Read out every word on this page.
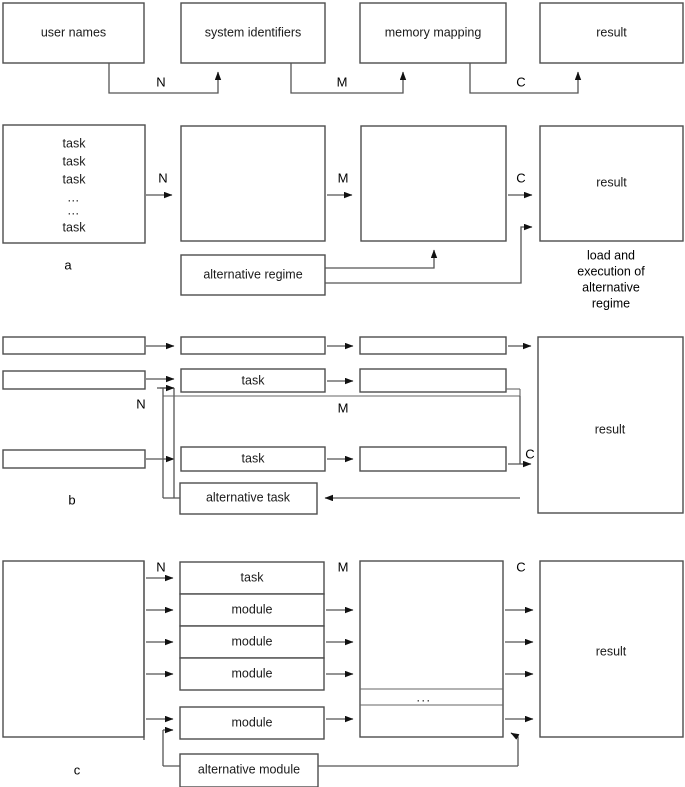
user names	system identifiers	memory mapping	result
N	M	C
task
task
task
…
…
task
result
N	M	C
alternative regime
load and
execution of
alternative
regime
a
task
task
result
alternative task
N	M
C
b
task
module
module
module
module
...
result
alternative module
N	M	C
c
